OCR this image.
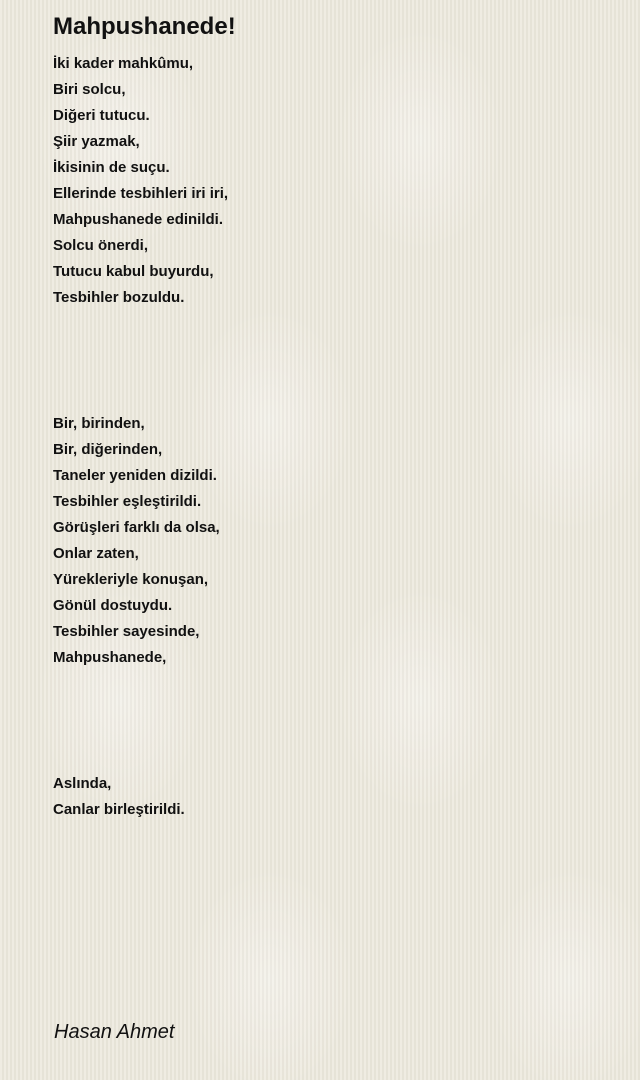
Mahpushanede!
İki kader mahkûmu,
Biri solcu,
Diğeri tutucu.
Şiir yazmak,
İkisinin de suçu.
Ellerinde tesbihleri iri iri,
Mahpushanede edinildi.
Solcu önerdi,
Tutucu kabul buyurdu,
Tesbihler bozuldu.
Bir, birinden,
Bir, diğerinden,
Taneler yeniden dizildi.
Tesbihler eşleştirildi.
Görüşleri farklı da olsa,
Onlar zaten,
Yürekleriyle konuşan,
Gönül dostuydu.
Tesbihler sayesinde,
Mahpushanede,
Aslında,
Canlar birleştirildi.
Hasan Ahmet
